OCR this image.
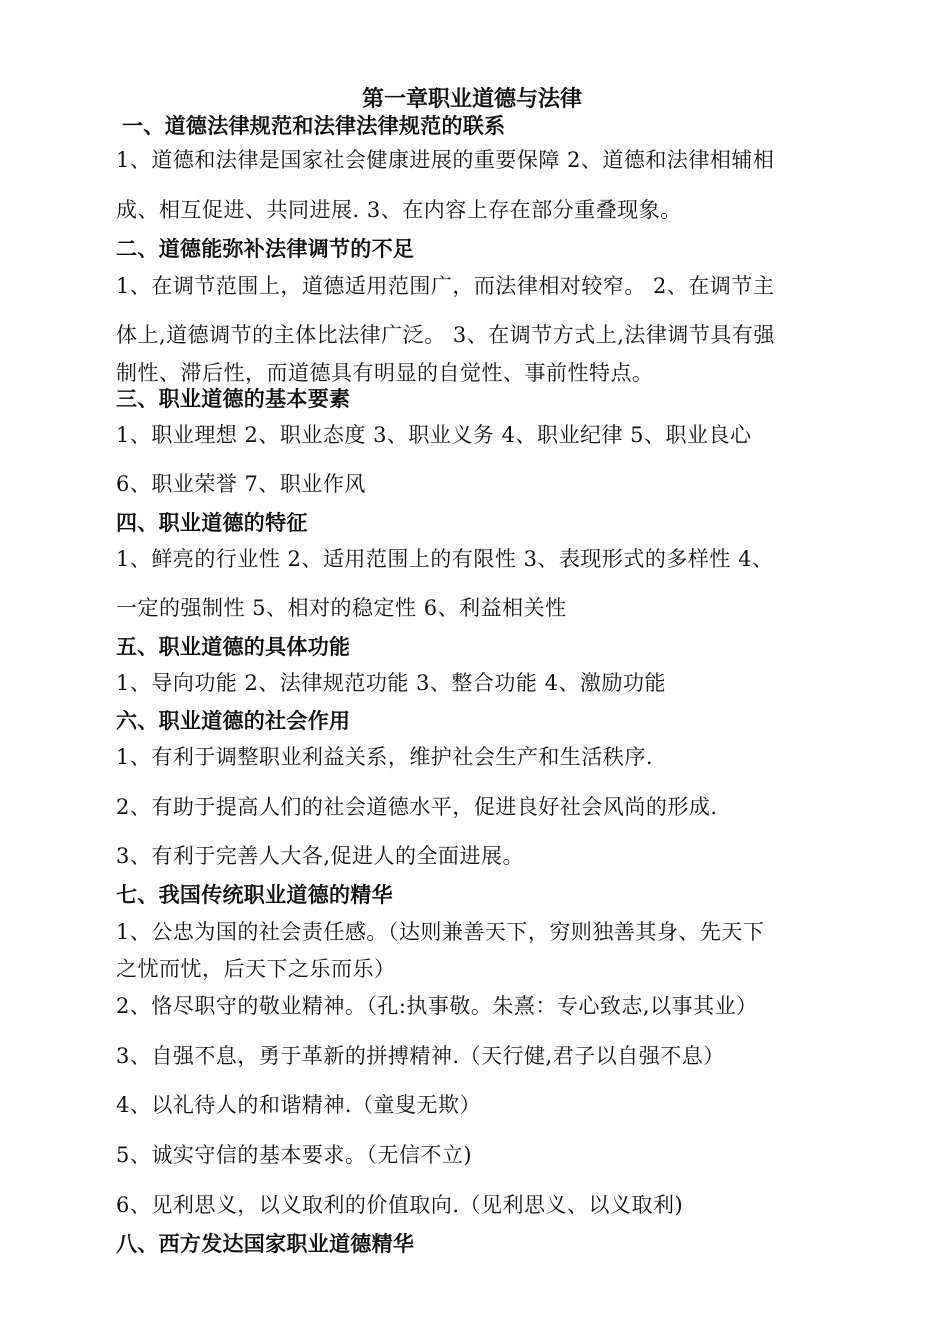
第一章职业道德与法律
一、道德法律规范和法律法律规范的联系
1、道德和法律是国家社会健康进展的重要保障 2、道德和法律相辅相
成、相互促进、共同进展. 3、在内容上存在部分重叠现象。
二、道德能弥补法律调节的不足
1、在调节范围上，道德适用范围广，而法律相对较窄。 2、在调节主
体上,道德调节的主体比法律广泛。 3、在调节方式上,法律调节具有强
制性、滞后性，而道德具有明显的自觉性、事前性特点。
三、职业道德的基本要素
1、职业理想 2、职业态度 3、职业义务 4、职业纪律 5、职业良心
6、职业荣誉 7、职业作风
四、职业道德的特征
1、鲜亮的行业性 2、适用范围上的有限性 3、表现形式的多样性 4、
一定的强制性 5、相对的稳定性 6、利益相关性
五、职业道德的具体功能
1、导向功能 2、法律规范功能 3、整合功能 4、激励功能
六、职业道德的社会作用
1、有利于调整职业利益关系，维护社会生产和生活秩序.
2、有助于提高人们的社会道德水平，促进良好社会风尚的形成.
3、有利于完善人大各,促进人的全面进展。
七、我国传统职业道德的精华
1、公忠为国的社会责任感。（达则兼善天下，穷则独善其身、先天下
之忧而忧，后天下之乐而乐）
2、恪尽职守的敬业精神。（孔:执事敬。朱熹：专心致志,以事其业）
3、自强不息，勇于革新的拼搏精神.（天行健,君子以自强不息）
4、以礼待人的和谐精神.（童叟无欺）
5、诚实守信的基本要求。（无信不立)
6、见利思义，以义取利的价值取向.（见利思义、以义取利)
八、西方发达国家职业道德精华
